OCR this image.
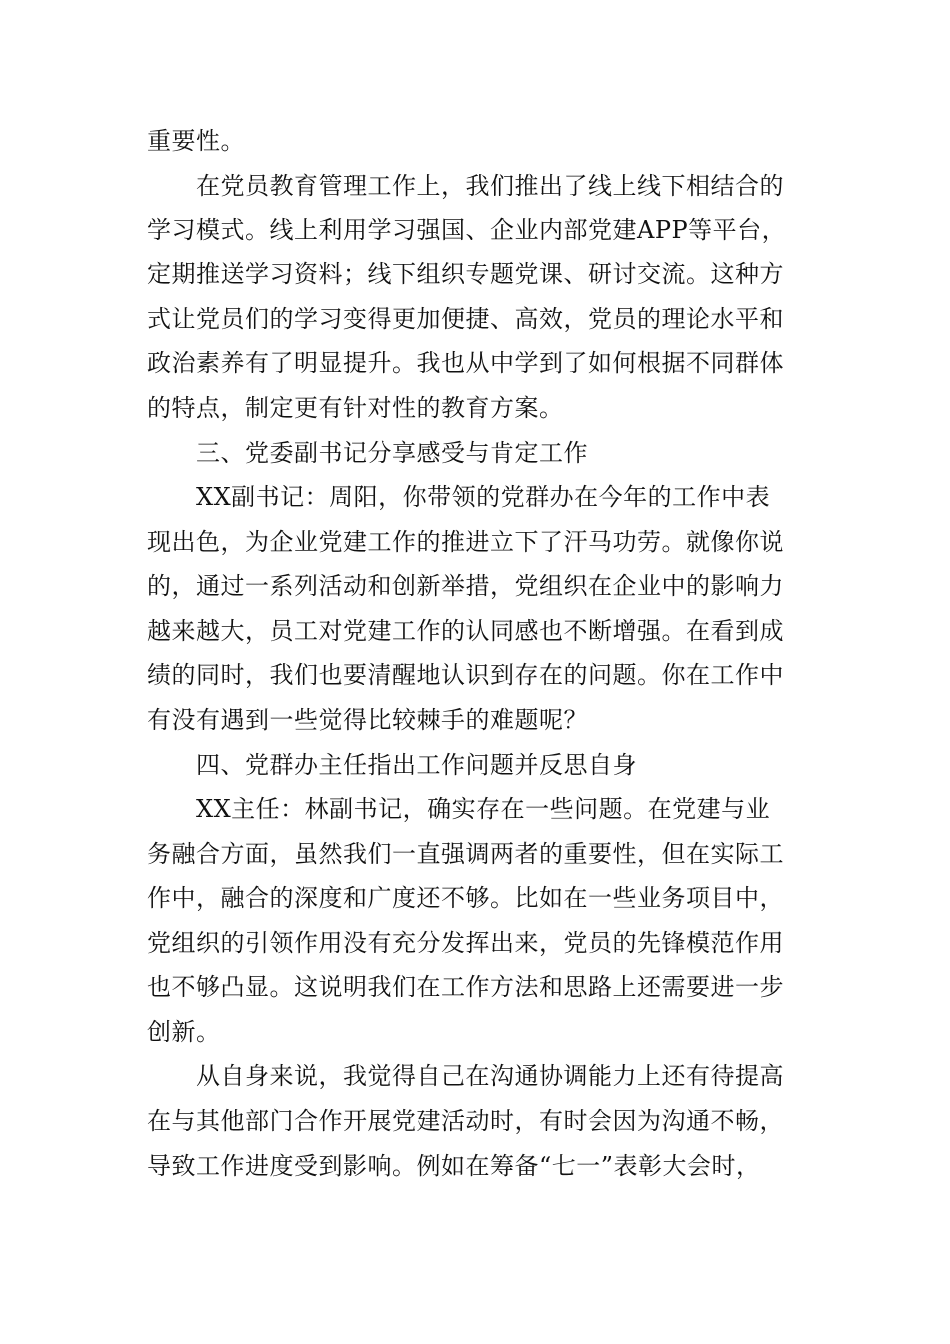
重要性。
在党员教育管理工作上，我们推出了线上线下相结合的
学习模式。线上利用学习强国、企业内部党建APP等平台，
定期推送学习资料；线下组织专题党课、研讨交流。这种方
式让党员们的学习变得更加便捷、高效，党员的理论水平和
政治素养有了明显提升。我也从中学到了如何根据不同群体
的特点，制定更有针对性的教育方案。
三、党委副书记分享感受与肯定工作
XX副书记：周阳，你带领的党群办在今年的工作中表
现出色，为企业党建工作的推进立下了汗马功劳。就像你说
的，通过一系列活动和创新举措，党组织在企业中的影响力
越来越大，员工对党建工作的认同感也不断增强。在看到成
绩的同时，我们也要清醒地认识到存在的问题。你在工作中
有没有遇到一些觉得比较棘手的难题呢？
四、党群办主任指出工作问题并反思自身
XX主任：林副书记，确实存在一些问题。在党建与业
务融合方面，虽然我们一直强调两者的重要性，但在实际工
作中，融合的深度和广度还不够。比如在一些业务项目中，
党组织的引领作用没有充分发挥出来，党员的先锋模范作用
也不够凸显。这说明我们在工作方法和思路上还需要进一步
创新。
从自身来说，我觉得自己在沟通协调能力上还有待提高
在与其他部门合作开展党建活动时，有时会因为沟通不畅，
导致工作进度受到影响。例如在筹备“七一”表彰大会时，
